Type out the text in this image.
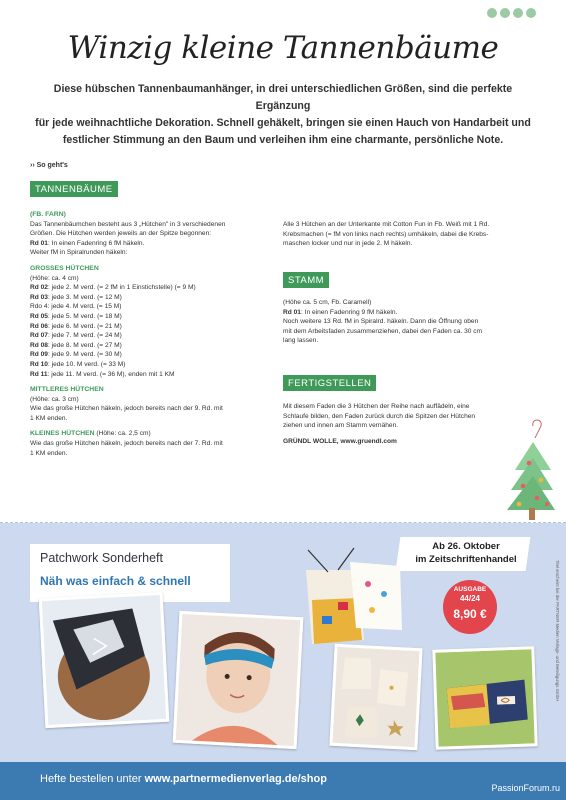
Winzig kleine Tannenbäume
Diese hübschen Tannenbaumanhänger, in drei unterschiedlichen Größen, sind die perfekte Ergänzung
für jede weihnachtliche Dekoration. Schnell gehäkelt, bringen sie einen Hauch von Handarbeit und
festlicher Stimmung an den Baum und verleihen ihm eine charmante, persönliche Note.
›› So geht's
TANNENBÄUME

(FB. FARN)

Das Tannenbäumchen besteht aus 3 „Hütchen" in 3 verschiedenen

Größen. Die Hütchen werden jeweils an der Spitze begonnen:

Rd 01: In einen Fadenring 6 fM häkeln.

Weiter fM in Spiralrunden häkeln:

GROSSES HÜTCHEN

(Höhe: ca. 4 cm)

Rd 02: jede 2. M verd. (= 2 fM in 1 Einstichstelle) (= 9 M)

Rd 03: jede 3. M verd. (= 12 M)

Rdo 4: jede 4. M verd. (= 15 M)

Rd 05: jede 5. M verd. (= 18 M)

Rd 06: jede 6. M verd. (= 21 M)

Rd 07: jede 7. M verd. (= 24 M)

Rd 08: jede 8. M verd. (= 27 M)

Rd 09: jede 9. M verd. (= 30 M)

Rd 10: jede 10. M verd. (= 33 M)

Rd 11: jede 11. M verd. (= 36 M), enden mit 1 KM

MITTLERES HÜTCHEN

(Höhe: ca. 3 cm)

Wie das große Hütchen häkeln, jedoch bereits nach der 9. Rd. mit

1 KM enden.

KLEINES HÜTCHEN (Höhe: ca. 2,5 cm)

Wie das große Hütchen häkeln, jedoch bereits nach der 7. Rd. mit

1 KM enden.

Alle 3 Hütchen an der Unterkante mit Cotton Fun in Fb. Weiß mit 1 Rd.

Krebsmachen (= fM von links nach rechts) umhäkeln, dabei die Krebs-

maschen locker und nur in jede 2. M häkeln.

STAMM

(Höhe ca. 5 cm, Fb. Caramell)

Rd 01: In einen Fadenring 9 fM häkeln.

Noch weitere 13 Rd. fM in Spiralrd. häkeln. Dann die Öffnung oben

mit dem Arbeitsfaden zusammenziehen, dabei den Faden ca. 30 cm

lang lassen.

FERTIGSTELLEN

Mit diesem Faden die 3 Hütchen der Reihe nach auffädeln, eine

Schlaufe bilden, den Faden zurück durch die Spitzen der Hütchen

ziehen und innen am Stamm vernähen.

GRÜNDL WOLLE, www.gruendl.com

Patchwork Sonderheft
Näh was einfach & schnell
Ab 26. Oktober
im Zeitschriftenhandel
AUSGABE
44/24
8,90 €	Titel erscheint bei der PARTNER Medien Verlags- und Beteiligungs GmbH
Hefte bestellen unter www.partnermedienverlag.de/shop
PassionForum.ru
